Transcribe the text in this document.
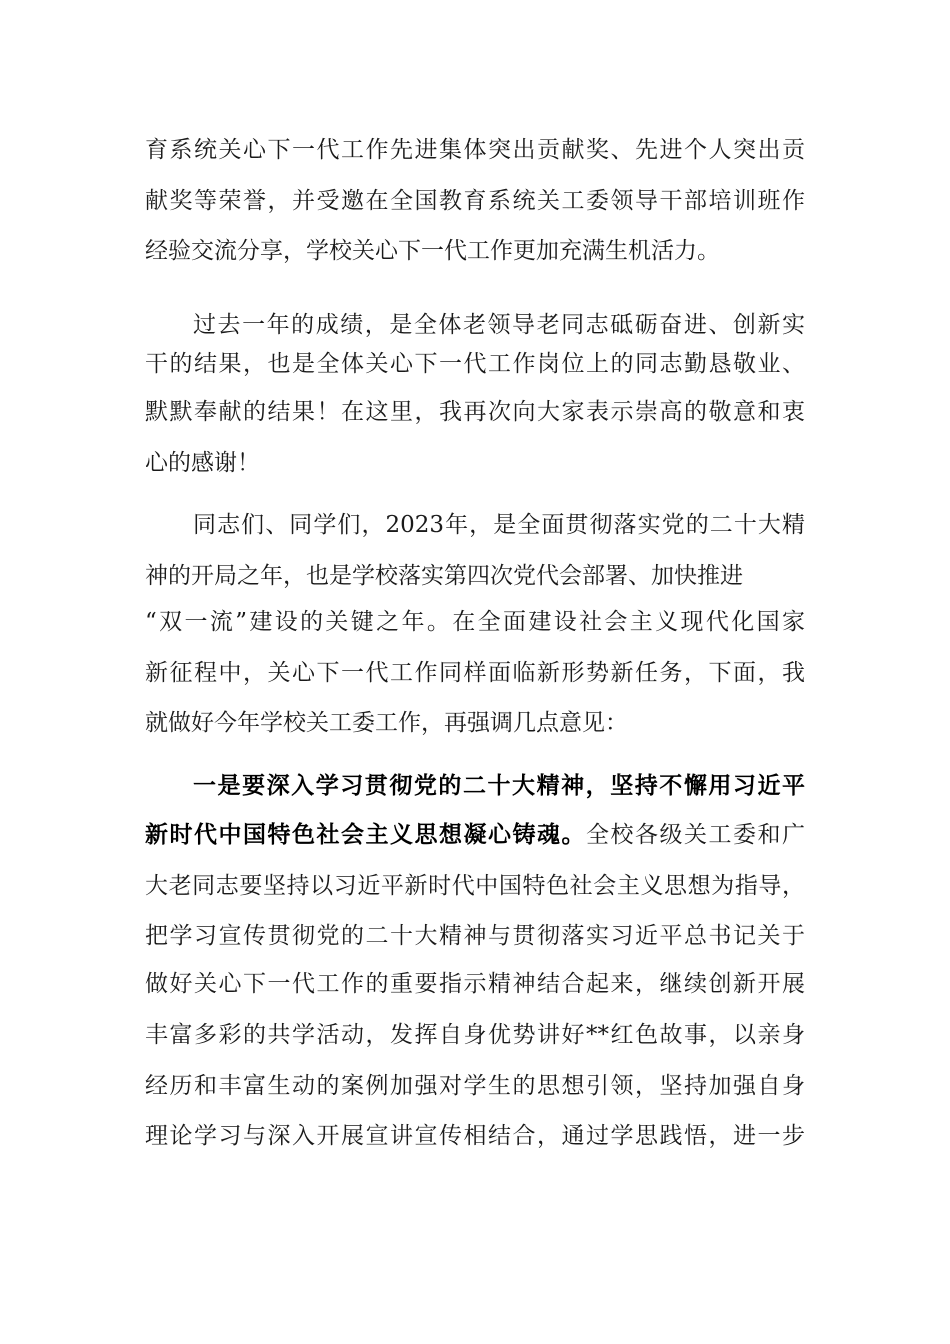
育系统关心下一代工作先进集体突出贡献奖、先进个人突出贡
献奖等荣誉，并受邀在全国教育系统关工委领导干部培训班作
经验交流分享，学校关心下一代工作更加充满生机活力。
过去一年的成绩，是全体老领导老同志砥砺奋进、创新实
干的结果，也是全体关心下一代工作岗位上的同志勤恳敬业、
默默奉献的结果！在这里，我再次向大家表示崇高的敬意和衷
心的感谢！
同志们、同学们，2023年，是全面贯彻落实党的二十大精
神的开局之年，也是学校落实第四次党代会部署、加快推进
“双一流”建设的关键之年。在全面建设社会主义现代化国家
新征程中，关心下一代工作同样面临新形势新任务，下面，我
就做好今年学校关工委工作，再强调几点意见：
一是要深入学习贯彻党的二十大精神，坚持不懈用习近平
新时代中国特色社会主义思想凝心铸魂。全校各级关工委和广
大老同志要坚持以习近平新时代中国特色社会主义思想为指导，
把学习宣传贯彻党的二十大精神与贯彻落实习近平总书记关于
做好关心下一代工作的重要指示精神结合起来，继续创新开展
丰富多彩的共学活动，发挥自身优势讲好**红色故事，以亲身
经历和丰富生动的案例加强对学生的思想引领，坚持加强自身
理论学习与深入开展宣讲宣传相结合，通过学思践悟，进一步
